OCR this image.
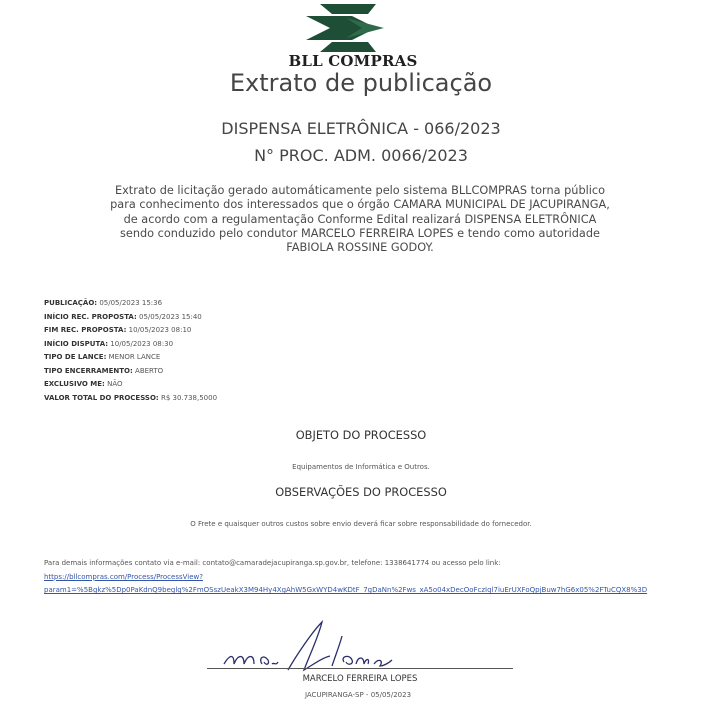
BLL COMPRAS
Extrato de publicação
DISPENSA ELETRÔNICA - 066/2023
N° PROC. ADM. 0066/2023
Extrato de licitação gerado automáticamente pelo sistema BLLCOMPRAS torna público para conhecimento dos interessados que o órgão CAMARA MUNICIPAL DE JACUPIRANGA, de acordo com a regulamentação Conforme Edital realizará DISPENSA ELETRÔNICA sendo conduzido pelo condutor MARCELO FERREIRA LOPES e tendo como autoridade FABIOLA ROSSINE GODOY.
PUBLICAÇÃO: 05/05/2023 15:36
INÍCIO REC. PROPOSTA: 05/05/2023 15:40
FIM REC. PROPOSTA: 10/05/2023 08:10
INÍCIO DISPUTA: 10/05/2023 08:30
TIPO DE LANCE: MENOR LANCE
TIPO ENCERRAMENTO: ABERTO
EXCLUSIVO ME: NÃO
VALOR TOTAL DO PROCESSO: R$ 30.738,5000
OBJETO DO PROCESSO
Equipamentos de Informática e Outros.
OBSERVAÇÕES DO PROCESSO
O Frete e quaisquer outros custos sobre envio deverá ficar sobre responsabilidade do fornecedor.
Para demais informações contato via e-mail: contato@camaradejacupiranga.sp.gov.br, telefone: 1338641774 ou acesso pelo link:
https://bllcompras.com/Process/ProcessView?
param1=%5Bgkz%5Dp0PaKdnQ9beglg%2FmOSszUeakX3M94Hy4XgAhW5GxWYD4wKDtF_7gDaNn%2Fws_xA5o04xDecOoFczIql7iuErUXFoQpjBuw7hG6x05%2FTuCQX8%3D
MARCELO FERREIRA LOPES
JACUPIRANGA-SP - 05/05/2023
